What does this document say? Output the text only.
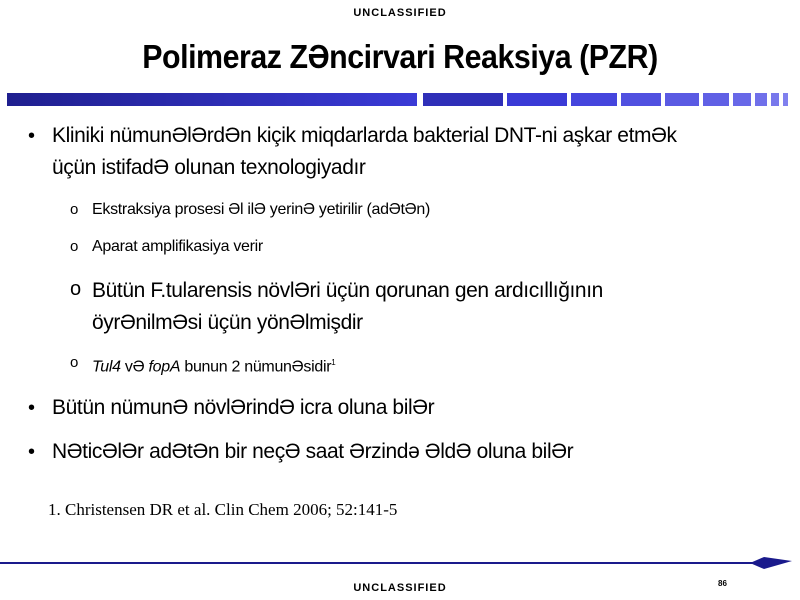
UNCLASSIFIED
Polimeraz ZƏncirvari Reaksiya (PZR)
• Kliniki nümunƏlƏrdƏn kiçik miqdarlarda bakterial DNT-ni aşkar etmƏk
üçün istifadƏ olunan texnologiyadır
o Ekstraksiya prosesi Əl ilƏ yerinƏ yetirilir (adƏtƏn)
o Aparat amplifikasiya verir
o Bütün F.tularensis növlƏri üçün qorunan gen ardıcıllığının
öyrƏnilmƏsi üçün yönƏlmişdir
o Tul4 vƏ fopA bunun 2 nümunƏsidir$^1$
• Bütün nümunƏ növlƏrindƏ icra oluna bilƏr
• NƏticƏlƏr adƏtƏn bir neçƏ saat Ərzində ƏldƏ oluna bilƏr
1. Christensen DR et al. Clin Chem 2006; 52:141-5
86
UNCLASSIFIED
